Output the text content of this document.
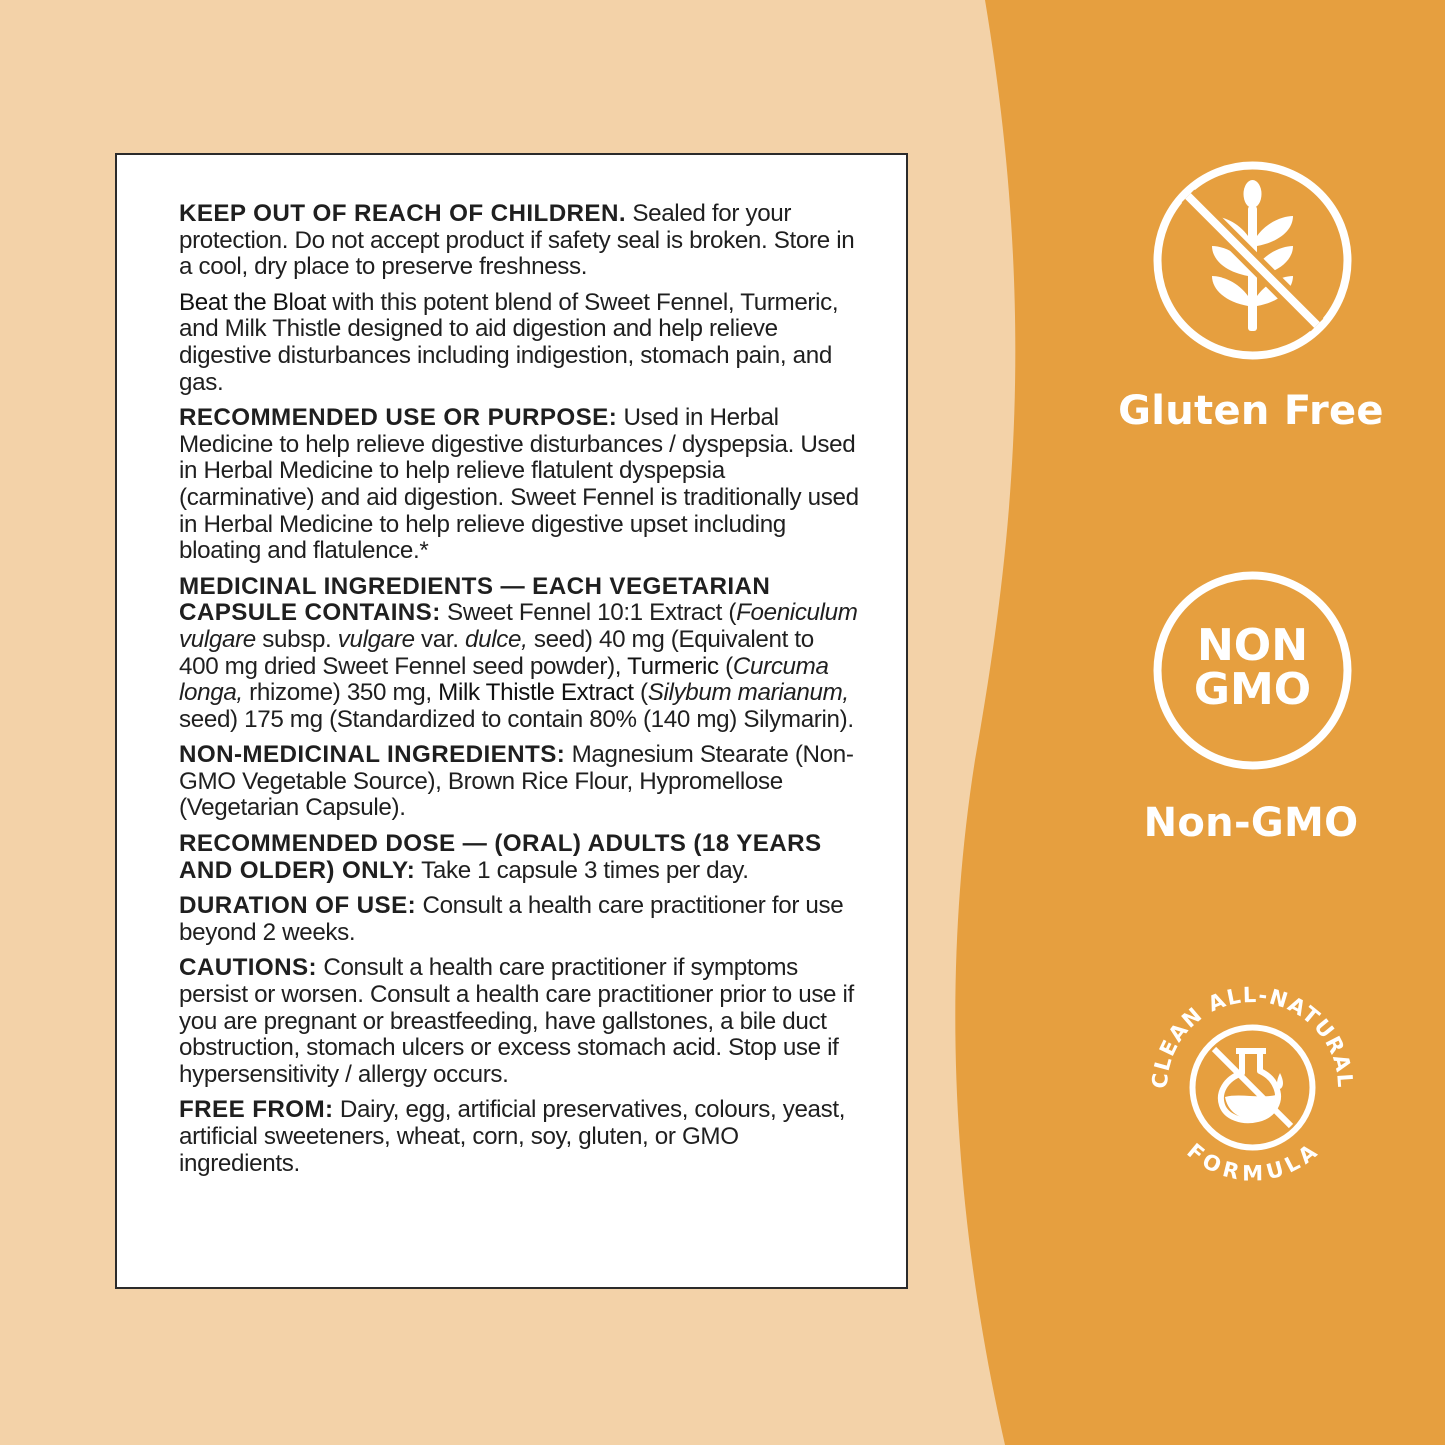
KEEP OUT OF REACH OF CHILDREN. Sealed for your protection. Do not accept product if safety seal is broken. Store in a cool, dry place to preserve freshness.

Beat the Bloat with this potent blend of Sweet Fennel, Turmeric, and Milk Thistle designed to aid digestion and help relieve digestive disturbances including indigestion, stomach pain, and gas.

RECOMMENDED USE OR PURPOSE: Used in Herbal Medicine to help relieve digestive disturbances / dyspepsia. Used in Herbal Medicine to help relieve flatulent dyspepsia (carminative) and aid digestion. Sweet Fennel is traditionally used in Herbal Medicine to help relieve digestive upset including bloating and flatulence.*

MEDICINAL INGREDIENTS — EACH VEGETARIAN CAPSULE CONTAINS: Sweet Fennel 10:1 Extract (Foeniculum vulgare subsp. vulgare var. dulce, seed) 40 mg (Equivalent to 400 mg dried Sweet Fennel seed powder), Turmeric (Curcuma longa, rhizome) 350 mg, Milk Thistle Extract (Silybum marianum, seed) 175 mg (Standardized to contain 80% (140 mg) Silymarin).

NON-MEDICINAL INGREDIENTS: Magnesium Stearate (Non-GMO Vegetable Source), Brown Rice Flour, Hypromellose (Vegetarian Capsule).

RECOMMENDED DOSE — (ORAL) ADULTS (18 YEARS AND OLDER) ONLY: Take 1 capsule 3 times per day.

DURATION OF USE: Consult a health care practitioner for use beyond 2 weeks.

CAUTIONS: Consult a health care practitioner if symptoms persist or worsen. Consult a health care practitioner prior to use if you are pregnant or breastfeeding, have gallstones, a bile duct obstruction, stomach ulcers or excess stomach acid. Stop use if hypersensitivity / allergy occurs.

FREE FROM: Dairy, egg, artificial preservatives, colours, yeast, artificial sweeteners, wheat, corn, soy, gluten, or GMO ingredients.

Gluten Free
NON
GMO
Non-GMO
CLEAN ALL-NATURAL
FORMULA
